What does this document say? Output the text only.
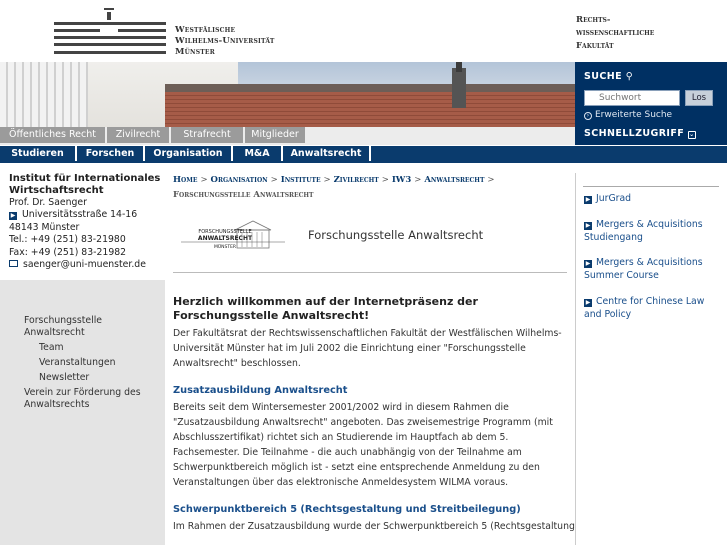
Westfälische
Wilhelms-Universität
Münster
Rechts-
wissenschaftliche
Fakultät
SUCHE ⚲
Suchwort
Los
› Erweiterte Suche
SCHNELLZUGRIFF ⌄
Öffentliches Recht	Zivilrecht	Strafrecht	Mitglieder
Studieren	Forschen	Organisation	M&A	Anwaltsrecht
Institut für Internationales
Wirtschaftsrecht
Prof. Dr. Saenger
▶ Universitätsstraße 14-16
48143 Münster
Tel.: +49 (251) 83-21980
Fax: +49 (251) 83-21982
saenger@uni-muenster.de
Forschungsstelle
Anwaltsrecht
Team
Veranstaltungen
Newsletter
Verein zur Förderung des
Anwaltsrechts
Home > Organisation > Institute > Zivilrecht > IW3 > Anwaltsrecht >
Forschungsstelle Anwaltsrecht
FORSCHUNGSSTELLE
ANWALTSRECHT
MÜNSTER
Forschungsstelle Anwaltsrecht
Herzlich willkommen auf der Internetpräsenz der Forschungsstelle Anwaltsrecht!
Der Fakultätsrat der Rechtswissenschaftlichen Fakultät der Westfälischen Wilhelms-Universität Münster hat im Juli 2002 die Einrichtung einer "Forschungsstelle Anwaltsrecht" beschlossen.
Zusatzausbildung Anwaltsrecht
Bereits seit dem Wintersemester 2001/2002 wird in diesem Rahmen die "Zusatzausbildung Anwaltsrecht" angeboten. Das zweisemestrige Programm (mit Abschlusszertifikat) richtet sich an Studierende im Hauptfach ab dem 5. Fachsemester. Die Teilnahme - die auch unabhängig von der Teilnahme am Schwerpunktbereich möglich ist - setzt eine entsprechende Anmeldung zu den Veranstaltungen über das elektronische Anmeldesystem WILMA voraus.
Schwerpunktbereich 5 (Rechtsgestaltung und Streitbeilegung)
Im Rahmen der Zusatzausbildung wurde der Schwerpunktbereich 5 (Rechtsgestaltung
▶ JurGrad
▶ Mergers & Acquisitions
Studiengang
▶ Mergers & Acquisitions
Summer Course
▶ Centre for Chinese Law
and Policy
